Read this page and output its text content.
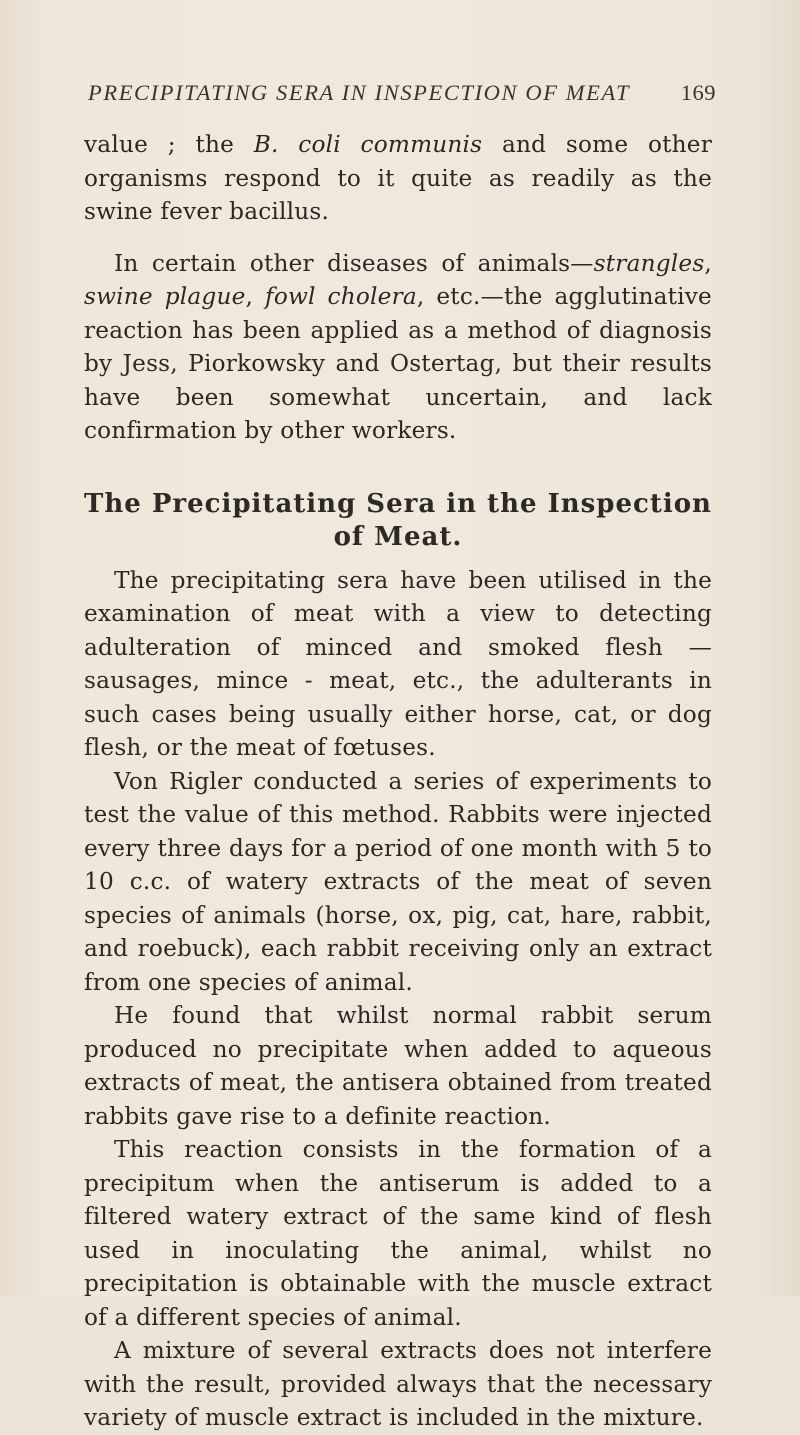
PRECIPITATING SERA IN INSPECTION OF MEAT 169

value ; the B. coli communis and some other organisms respond to it quite as readily as the swine fever bacillus.

In certain other diseases of animals—strangles, swine plague, fowl cholera, etc.—the agglutinative reaction has been applied as a method of diagnosis by Jess, Piorkowsky and Ostertag, but their results have been somewhat uncertain, and lack confirmation by other workers.

The Precipitating Sera in the Inspection of Meat.

The precipitating sera have been utilised in the examination of meat with a view to detecting adulteration of minced and smoked flesh — sausages, mince - meat, etc., the adulterants in such cases being usually either horse, cat, or dog flesh, or the meat of fœtuses.

Von Rigler conducted a series of experiments to test the value of this method. Rabbits were injected every three days for a period of one month with 5 to 10 c.c. of watery extracts of the meat of seven species of animals (horse, ox, pig, cat, hare, rabbit, and roebuck), each rabbit receiving only an extract from one species of animal.

He found that whilst normal rabbit serum produced no precipitate when added to aqueous extracts of meat, the antisera obtained from treated rabbits gave rise to a definite reaction.

This reaction consists in the formation of a precipitum when the antiserum is added to a filtered watery extract of the same kind of flesh used in inoculating the animal, whilst no precipitation is obtainable with the muscle extract of a different species of animal.

A mixture of several extracts does not interfere with the result, provided always that the necessary variety of muscle extract is included in the mixture.
